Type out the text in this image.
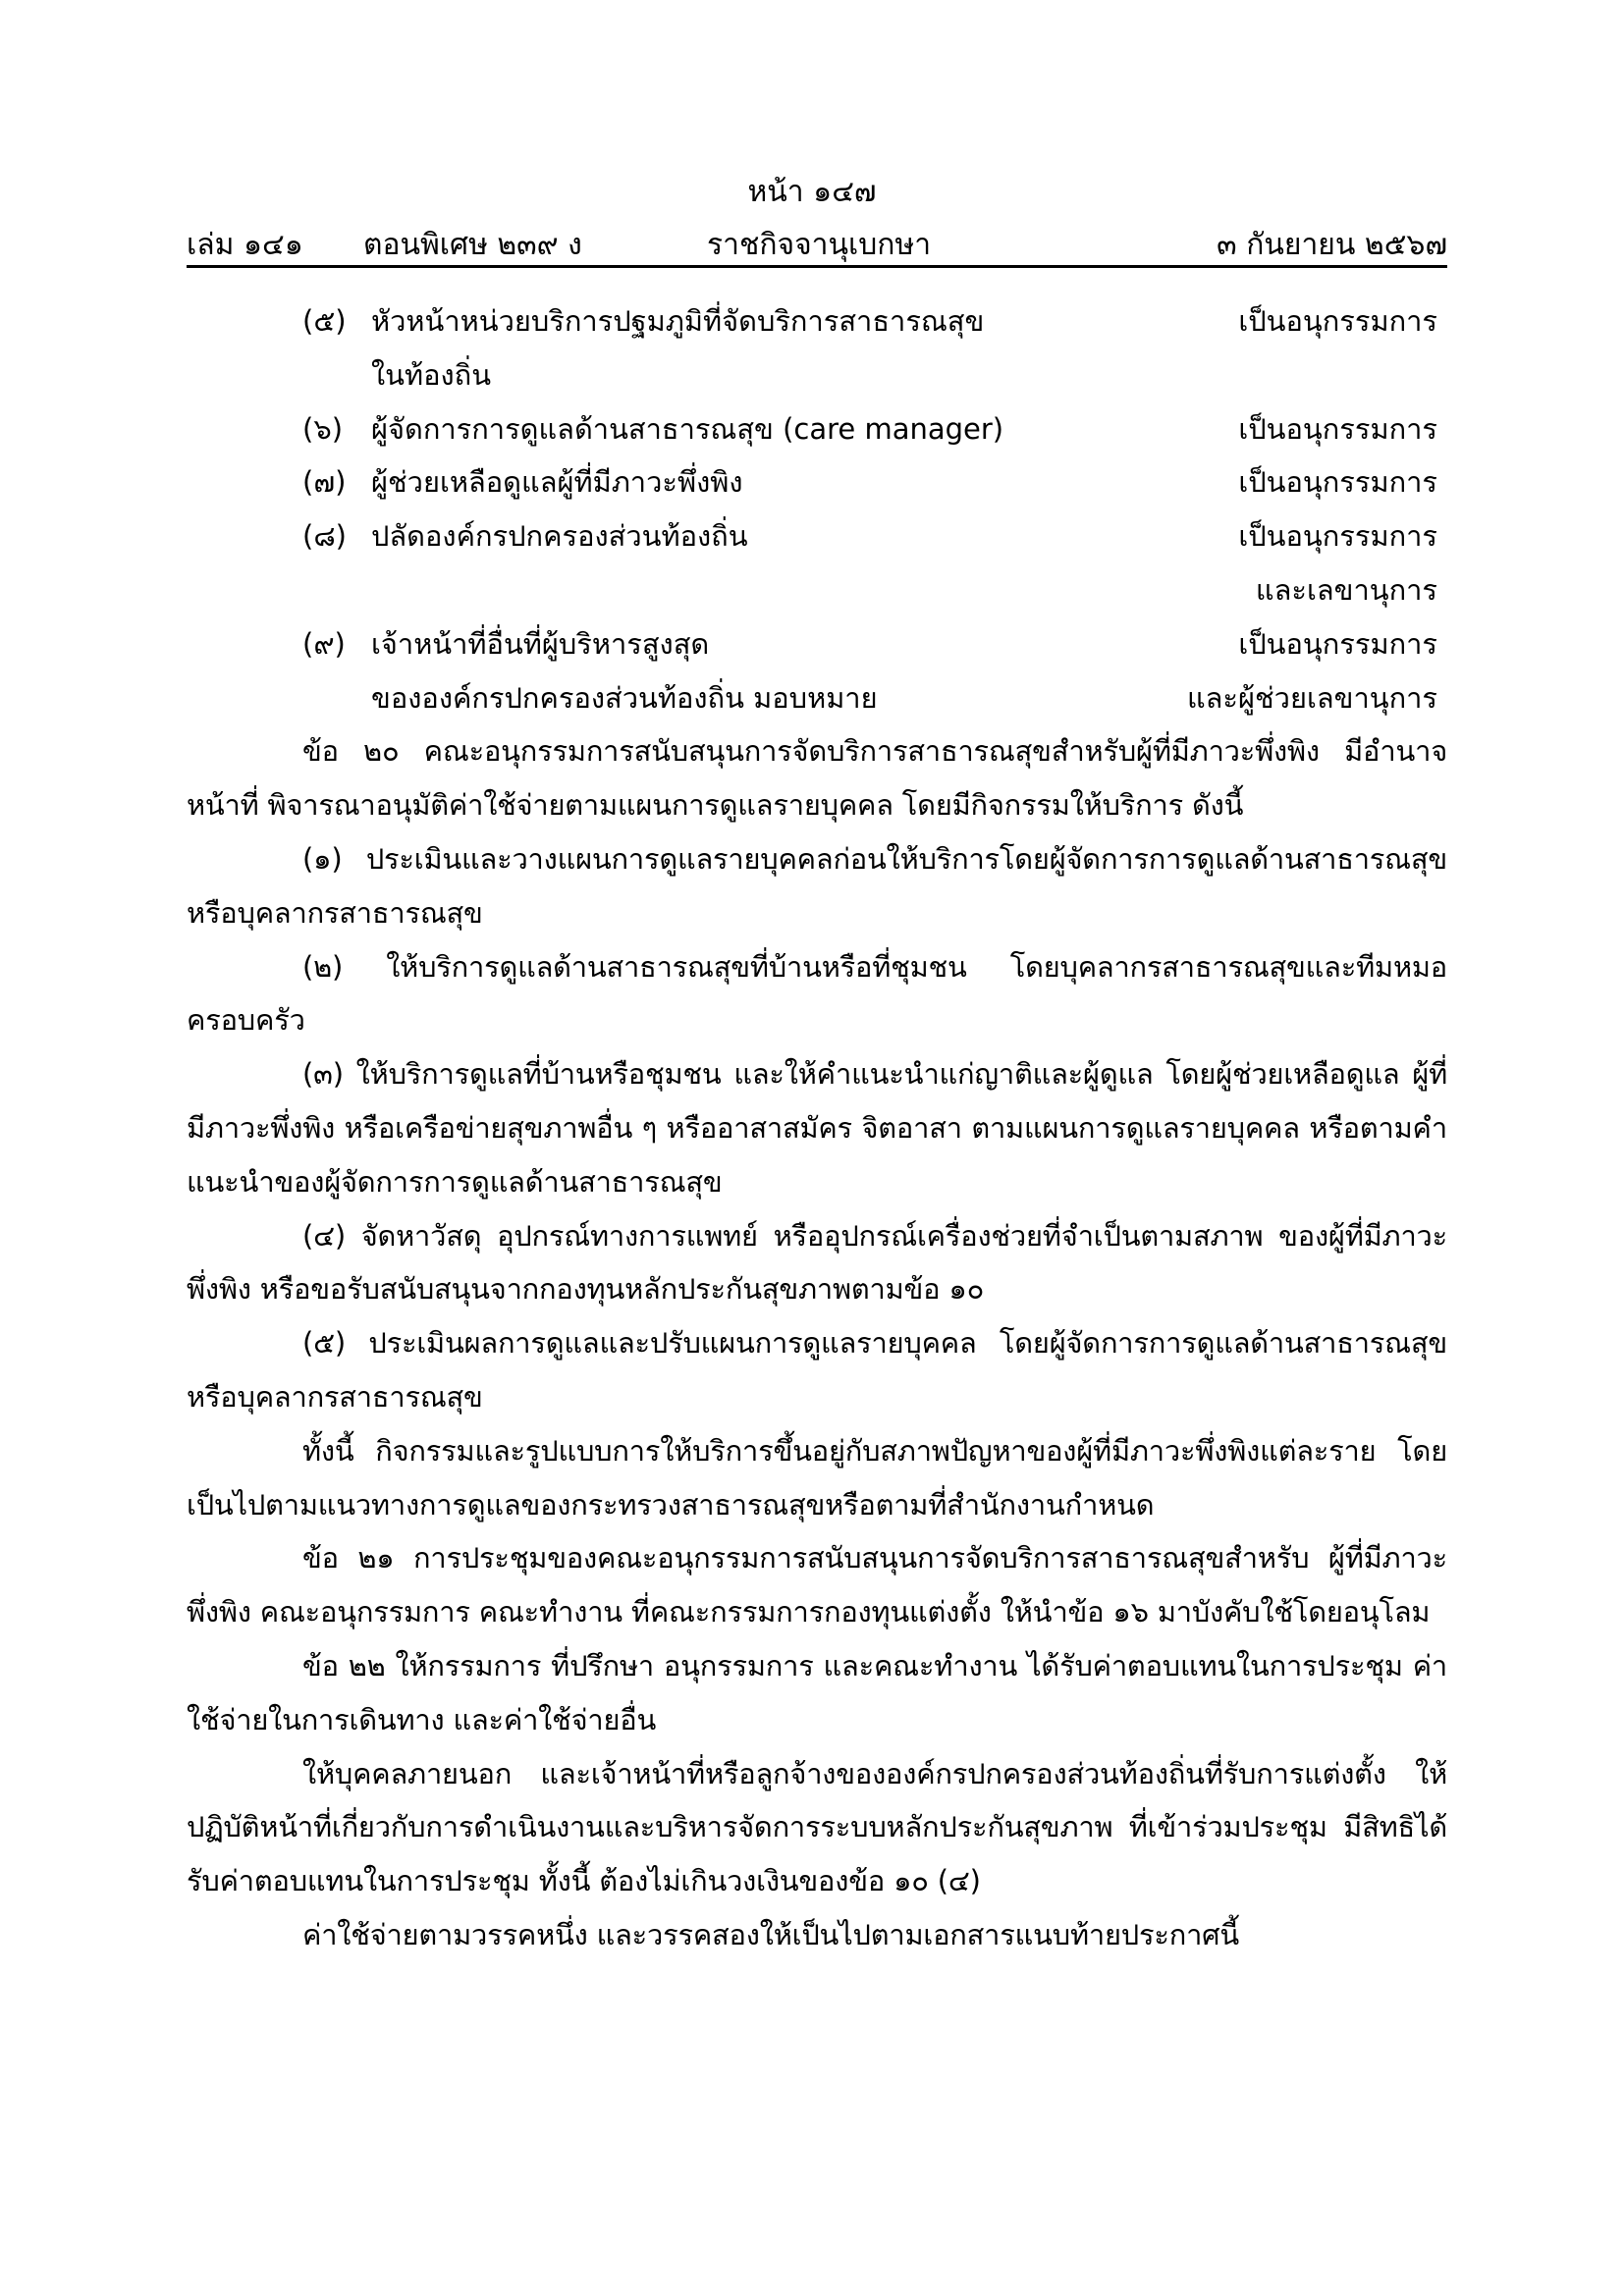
หน้า ๑๔๗
เล่ม ๑๔๑ ตอนพิเศษ ๒๓๙ ง	ราชกิจจานุเบกษา	๓ กันยายน ๒๕๖๗
(๕) หัวหน้าหน่วยบริการปฐมภูมิที่จัดบริการสาธารณสุข	เป็นอนุกรรมการ
ในท้องถิ่น
(๖) ผู้จัดการการดูแลด้านสาธารณสุข (care manager)	เป็นอนุกรรมการ
(๗) ผู้ช่วยเหลือดูแลผู้ที่มีภาวะพึ่งพิง	เป็นอนุกรรมการ
(๘) ปลัดองค์กรปกครองส่วนท้องถิ่น	เป็นอนุกรรมการ
และเลขานุการ
(๙) เจ้าหน้าที่อื่นที่ผู้บริหารสูงสุด	เป็นอนุกรรมการ
ขององค์กรปกครองส่วนท้องถิ่น มอบหมาย	และผู้ช่วยเลขานุการ

ข้อ ๒๐ คณะอนุกรรมการสนับสนุนการจัดบริการสาธารณสุขสำหรับผู้ที่มีภาวะพึ่งพิง มีอำนาจหน้าที่ พิจารณาอนุมัติค่าใช้จ่ายตามแผนการดูแลรายบุคคล โดยมีกิจกรรมให้บริการ ดังนี้

(๑) ประเมินและวางแผนการดูแลรายบุคคลก่อนให้บริการโดยผู้จัดการการดูแลด้านสาธารณสุข หรือบุคลากรสาธารณสุข

(๒) ให้บริการดูแลด้านสาธารณสุขที่บ้านหรือที่ชุมชน โดยบุคลากรสาธารณสุขและทีมหมอ ครอบครัว

(๓) ให้บริการดูแลที่บ้านหรือชุมชน และให้คำแนะนำแก่ญาติและผู้ดูแล โดยผู้ช่วยเหลือดูแล ผู้ที่มีภาวะพึ่งพิง หรือเครือข่ายสุขภาพอื่น ๆ หรืออาสาสมัคร จิตอาสา ตามแผนการดูแลรายบุคคล หรือตามคำแนะนำของผู้จัดการการดูแลด้านสาธารณสุข

(๔) จัดหาวัสดุ อุปกรณ์ทางการแพทย์ หรืออุปกรณ์เครื่องช่วยที่จำเป็นตามสภาพ ของผู้ที่มีภาวะพึ่งพิง หรือขอรับสนับสนุนจากกองทุนหลักประกันสุขภาพตามข้อ ๑๐

(๕) ประเมินผลการดูแลและปรับแผนการดูแลรายบุคคล โดยผู้จัดการการดูแลด้านสาธารณสุข หรือบุคลากรสาธารณสุข

ทั้งนี้ กิจกรรมและรูปแบบการให้บริการขึ้นอยู่กับสภาพปัญหาของผู้ที่มีภาวะพึ่งพิงแต่ละราย โดยเป็นไปตามแนวทางการดูแลของกระทรวงสาธารณสุขหรือตามที่สำนักงานกำหนด

ข้อ ๒๑ การประชุมของคณะอนุกรรมการสนับสนุนการจัดบริการสาธารณสุขสำหรับ ผู้ที่มีภาวะพึ่งพิง คณะอนุกรรมการ คณะทำงาน ที่คณะกรรมการกองทุนแต่งตั้ง ให้นำข้อ ๑๖ มาบังคับใช้โดยอนุโลม

ข้อ ๒๒ ให้กรรมการ ที่ปรึกษา อนุกรรมการ และคณะทำงาน ได้รับค่าตอบแทนในการประชุม ค่าใช้จ่ายในการเดินทาง และค่าใช้จ่ายอื่น

ให้บุคคลภายนอก และเจ้าหน้าที่หรือลูกจ้างขององค์กรปกครองส่วนท้องถิ่นที่รับการแต่งตั้ง ให้ปฏิบัติหน้าที่เกี่ยวกับการดำเนินงานและบริหารจัดการระบบหลักประกันสุขภาพ ที่เข้าร่วมประชุม มีสิทธิได้รับค่าตอบแทนในการประชุม ทั้งนี้ ต้องไม่เกินวงเงินของข้อ ๑๐ (๔)

ค่าใช้จ่ายตามวรรคหนึ่ง และวรรคสองให้เป็นไปตามเอกสารแนบท้ายประกาศนี้
